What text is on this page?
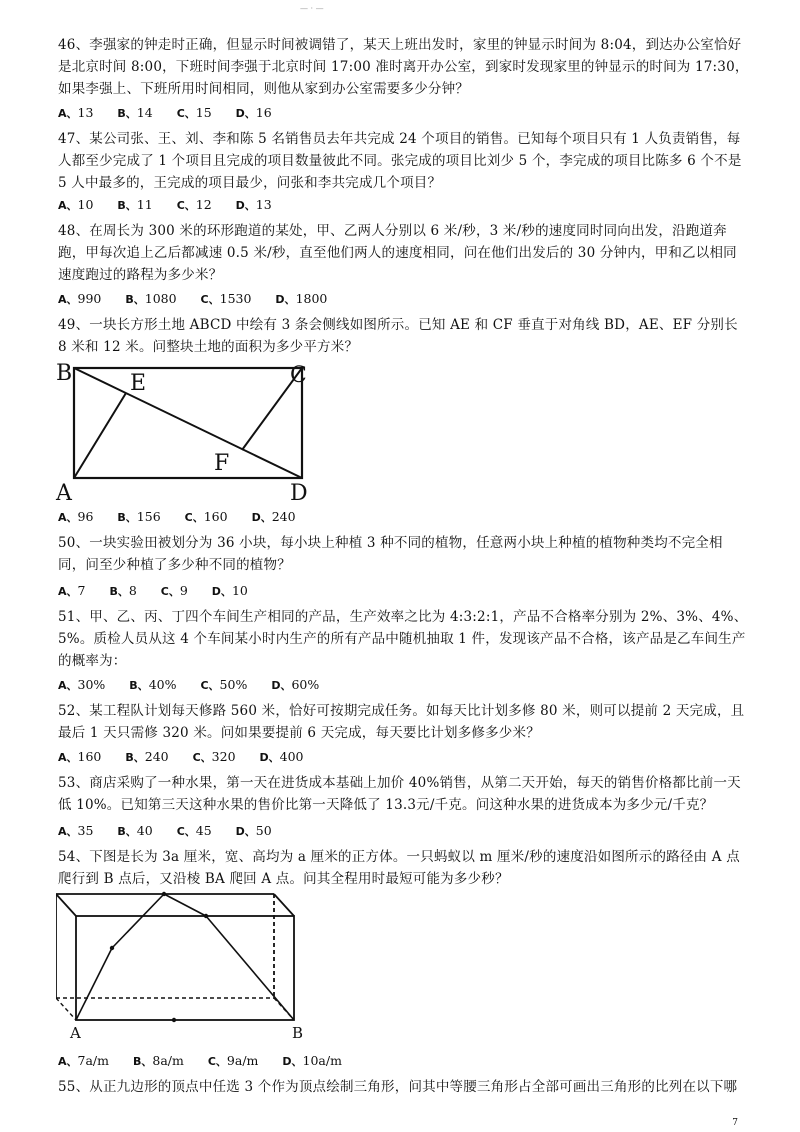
— · —
46、李强家的钟走时正确，但显示时间被调错了，某天上班出发时，家里的钟显示时间为 8:04，到达办公室恰好是北京时间 8:00，下班时间李强于北京时间 17:00 准时离开办公室，到家时发现家里的钟显示的时间为 17:30，如果李强上、下班所用时间相同，则他从家到办公室需要多少分钟？
A、13 B、14 C、15 D、16
47、某公司张、王、刘、李和陈 5 名销售员去年共完成 24 个项目的销售。已知每个项目只有 1 人负责销售，每人都至少完成了 1 个项目且完成的项目数量彼此不同。张完成的项目比刘少 5 个，李完成的项目比陈多 6 个不是 5 人中最多的，王完成的项目最少，问张和李共完成几个项目？
A、10 B、11 C、12 D、13
48、在周长为 300 米的环形跑道的某处，甲、乙两人分别以 6 米/秒，3 米/秒的速度同时同向出发，沿跑道奔跑，甲每次追上乙后都减速 0.5 米/秒，直至他们两人的速度相同，问在他们出发后的 30 分钟内，甲和乙以相同速度跑过的路程为多少米？
A、990 B、1080 C、1530 D、1800
49、一块长方形土地 ABCD 中绘有 3 条会侧线如图所示。已知 AE 和 CF 垂直于对角线 BD，AE、EF 分别长 8 米和 12 米。问整块土地的面积为多少平方米？
B	E	C
A
F
D
A、96 B、156 C、160 D、240
50、一块实验田被划分为 36 小块，每小块上种植 3 种不同的植物，任意两小块上种植的植物种类均不完全相同，问至少种植了多少种不同的植物？
A、7 B、8 C、9 D、10
51、甲、乙、丙、丁四个车间生产相同的产品，生产效率之比为 4:3:2:1，产品不合格率分别为 2%、3%、4%、5%。质检人员从这 4 个车间某小时内生产的所有产品中随机抽取 1 件，发现该产品不合格，该产品是乙车间生产的概率为：
A、30% B、40% C、50% D、60%
52、某工程队计划每天修路 560 米，恰好可按期完成任务。如每天比计划多修 80 米，则可以提前 2 天完成，且最后 1 天只需修 320 米。问如果要提前 6 天完成，每天要比计划多修多少米？
A、160 B、240 C、320 D、400
53、商店采购了一种水果，第一天在进货成本基础上加价 40%销售，从第二天开始，每天的销售价格都比前一天低 10%。已知第三天这种水果的售价比第一天降低了 13.3元/千克。问这种水果的进货成本为多少元/千克？
A、35 B、40 C、45 D、50
54、下图是长为 3a 厘米，宽、高均为 a 厘米的正方体。一只蚂蚁以 m 厘米/秒的速度沿如图所示的路径由 A 点爬行到 B 点后，又沿棱 BA 爬回 A 点。问其全程用时最短可能为多少秒？
A	B
A、7a/m B、8a/m C、9a/m D、10a/m
55、从正九边形的顶点中任选 3 个作为顶点绘制三角形，问其中等腰三角形占全部可画出三角形的比列在以下哪
7
